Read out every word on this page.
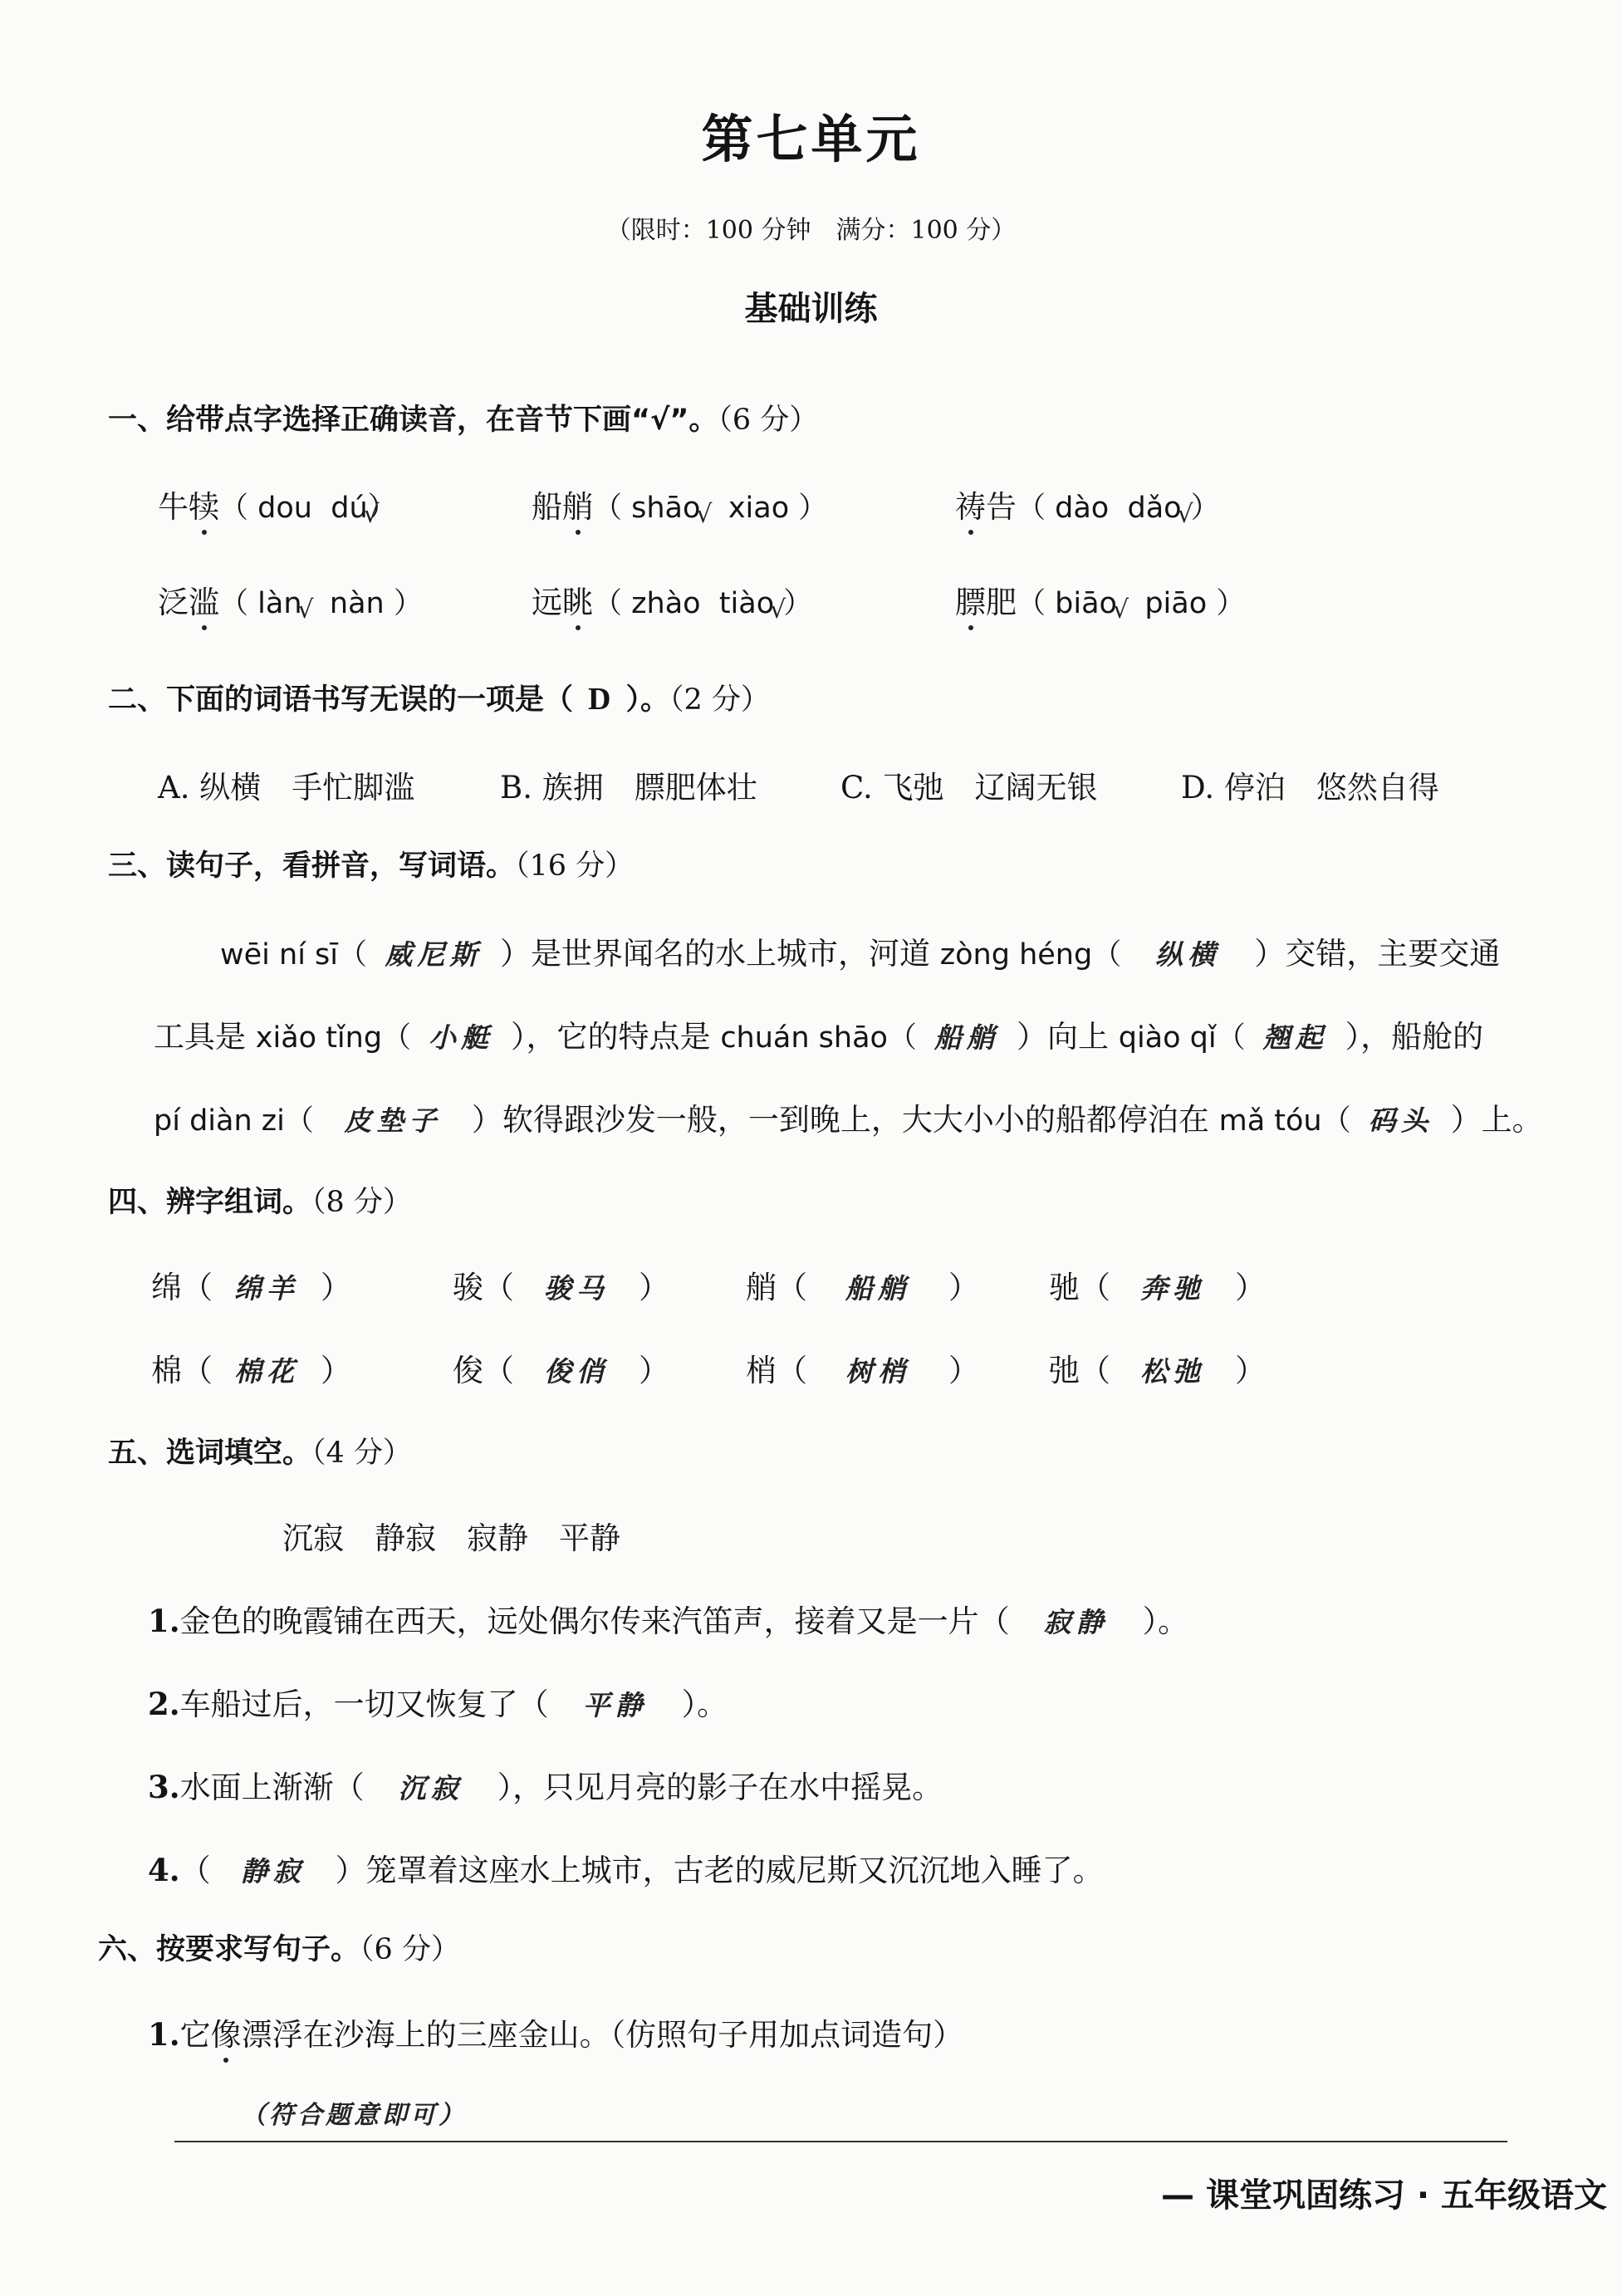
第七单元
（限时：100 分钟　满分：100 分）
基础训练
一、给带点字选择正确读音，在音节下画“√”。（6 分）
牛犊（ dou dú √）	船艄（ shāo √ xiao ）	祷告（ dào dǎo √ ）
泛滥（ làn √ nàn ）	远眺（ zhào tiào √ ）	膘肥（ biāo √ piāo ）
二、下面的词语书写无误的一项是（ D ）。（2 分）
A. 纵横　手忙脚滥	B. 族拥　膘肥体壮	C. 飞弛　辽阔无银	D. 停泊　悠然自得
三、读句子，看拼音，写词语。（16 分）
wēi ní sī（ 威尼斯 ）是世界闻名的水上城市，河道 zòng héng（ 纵横 ）交错，主要交通
工具是 xiǎo tǐng（ 小艇 ），它的特点是 chuán shāo（ 船艄 ）向上 qiào qǐ（ 翘起 ），船舱的
pí diàn zi（ 皮垫子 ）软得跟沙发一般，一到晚上，大大小小的船都停泊在 mǎ tóu（ 码头 ）上。
四、辨字组词。（8 分）
绵（ 绵羊 ）	骏（ 骏马 ） 艄（ 船艄 ） 驰（ 奔驰 ）
棉（ 棉花 ）	俊（ 俊俏 ） 梢（ 树梢 ） 弛（ 松弛 ）
五、选词填空。（4 分）
沉寂　静寂　寂静　平静
1.金色的晚霞铺在西天，远处偶尔传来汽笛声，接着又是一片（ 寂静 ）。
2.车船过后，一切又恢复了（ 平静 ）。
3.水面上渐渐（ 沉寂 ），只见月亮的影子在水中摇晃。
4.（ 静寂 ）笼罩着这座水上城市，古老的威尼斯又沉沉地入睡了。
六、按要求写句子。（6 分）
1.它像漂浮在沙海上的三座金山。（仿照句子用加点词造句）
（符合题意即可）
— 课堂巩固练习 · 五年级语文
